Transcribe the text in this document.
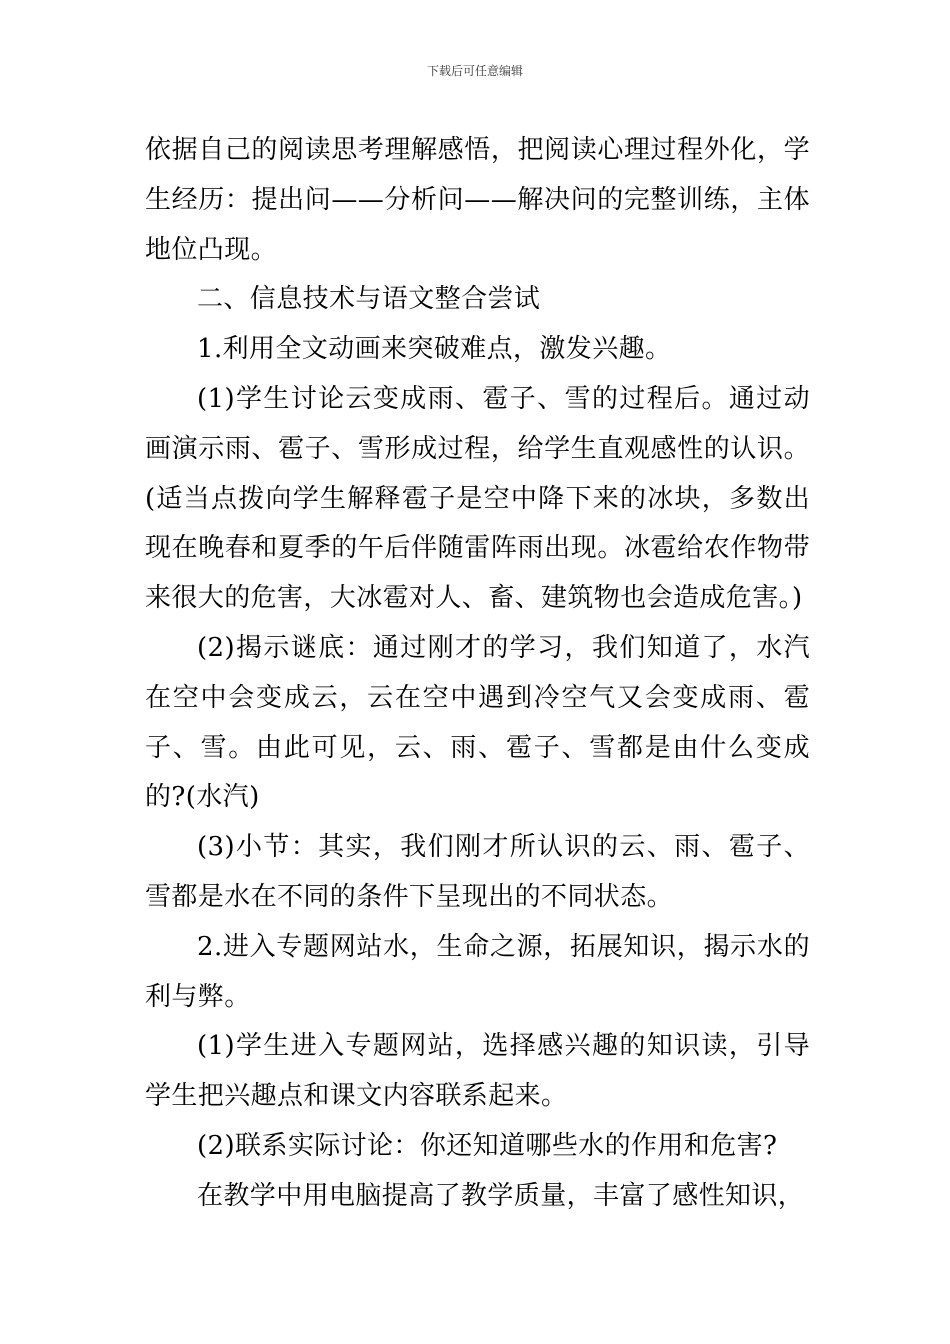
下载后可任意编辑

依据自己的阅读思考理解感悟，把阅读心理过程外化，学生经历：提出问——分析问——解决问的完整训练，主体地位凸现。

二、信息技术与语文整合尝试

1.利用全文动画来突破难点，激发兴趣。

(1)学生讨论云变成雨、雹子、雪的过程后。通过动画演示雨、雹子、雪形成过程，给学生直观感性的认识。(适当点拨向学生解释雹子是空中降下来的冰块，多数出现在晚春和夏季的午后伴随雷阵雨出现。冰雹给农作物带来很大的危害，大冰雹对人、畜、建筑物也会造成危害。)

(2)揭示谜底：通过刚才的学习，我们知道了，水汽在空中会变成云，云在空中遇到冷空气又会变成雨、雹子、雪。由此可见，云、雨、雹子、雪都是由什么变成的?(水汽)

(3)小节：其实，我们刚才所认识的云、雨、雹子、雪都是水在不同的条件下呈现出的不同状态。

2.进入专题网站水，生命之源，拓展知识，揭示水的利与弊。

(1)学生进入专题网站，选择感兴趣的知识读，引导学生把兴趣点和课文内容联系起来。

(2)联系实际讨论：你还知道哪些水的作用和危害?

在教学中用电脑提高了教学质量，丰富了感性知识，
